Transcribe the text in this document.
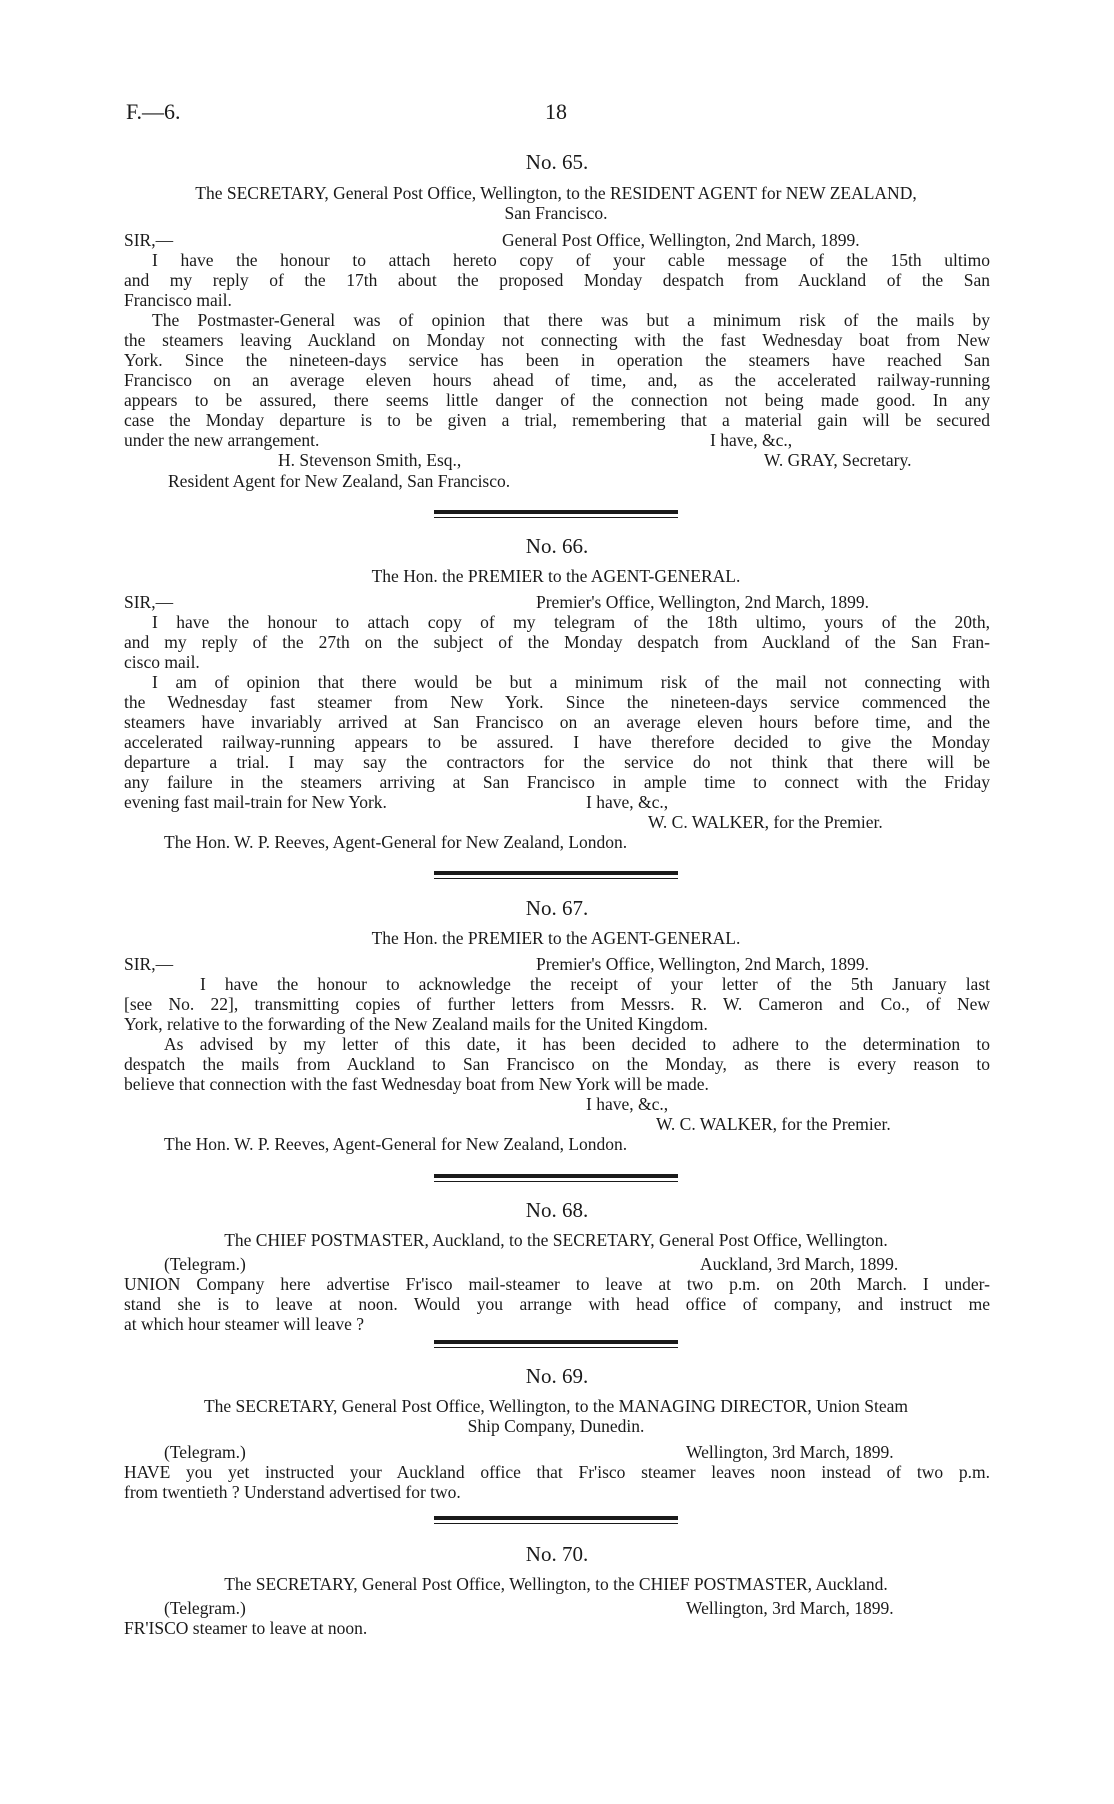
F.—6.	18
No. 65.
The SECRETARY, General Post Office, Wellington, to the RESIDENT AGENT for NEW ZEALAND,
San Francisco.
SIR,—	General Post Office, Wellington, 2nd March, 1899.
I have the honour to attach hereto copy of your cable message of the 15th ultimo
and my reply of the 17th about the proposed Monday despatch from Auckland of the San
Francisco mail.
The Postmaster-General was of opinion that there was but a minimum risk of the mails by
the steamers leaving Auckland on Monday not connecting with the fast Wednesday boat from New
York. Since the nineteen-days service has been in operation the steamers have reached San
Francisco on an average eleven hours ahead of time, and, as the accelerated railway-running
appears to be assured, there seems little danger of the connection not being made good. In any
case the Monday departure is to be given a trial, remembering that a material gain will be secured
under the new arrangement.	I have, &c.,
H. Stevenson Smith, Esq.,	W. GRAY, Secretary.
Resident Agent for New Zealand, San Francisco.
No. 66.
The Hon. the PREMIER to the AGENT-GENERAL.
SIR,—	Premier's Office, Wellington, 2nd March, 1899.
I have the honour to attach copy of my telegram of the 18th ultimo, yours of the 20th,
and my reply of the 27th on the subject of the Monday despatch from Auckland of the San Fran-
cisco mail.
I am of opinion that there would be but a minimum risk of the mail not connecting with
the Wednesday fast steamer from New York. Since the nineteen-days service commenced the
steamers have invariably arrived at San Francisco on an average eleven hours before time, and the
accelerated railway-running appears to be assured. I have therefore decided to give the Monday
departure a trial. I may say the contractors for the service do not think that there will be
any failure in the steamers arriving at San Francisco in ample time to connect with the Friday
evening fast mail-train for New York.	I have, &c.,
W. C. WALKER, for the Premier.
The Hon. W. P. Reeves, Agent-General for New Zealand, London.
No. 67.
The Hon. the PREMIER to the AGENT-GENERAL.
SIR,—	Premier's Office, Wellington, 2nd March, 1899.
I have the honour to acknowledge the receipt of your letter of the 5th January last
[see No. 22], transmitting copies of further letters from Messrs. R. W. Cameron and Co., of New
York, relative to the forwarding of the New Zealand mails for the United Kingdom.
As advised by my letter of this date, it has been decided to adhere to the determination to
despatch the mails from Auckland to San Francisco on the Monday, as there is every reason to
believe that connection with the fast Wednesday boat from New York will be made.
I have, &c.,
W. C. WALKER, for the Premier.
The Hon. W. P. Reeves, Agent-General for New Zealand, London.
No. 68.
The CHIEF POSTMASTER, Auckland, to the SECRETARY, General Post Office, Wellington.
(Telegram.)	Auckland, 3rd March, 1899.
UNION Company here advertise Fr'isco mail-steamer to leave at two p.m. on 20th March. I under-
stand she is to leave at noon. Would you arrange with head office of company, and instruct me
at which hour steamer will leave ?
No. 69.
The SECRETARY, General Post Office, Wellington, to the MANAGING DIRECTOR, Union Steam
Ship Company, Dunedin.
(Telegram.)	Wellington, 3rd March, 1899.
HAVE you yet instructed your Auckland office that Fr'isco steamer leaves noon instead of two p.m.
from twentieth ? Understand advertised for two.
No. 70.
The SECRETARY, General Post Office, Wellington, to the CHIEF POSTMASTER, Auckland.
(Telegram.)	Wellington, 3rd March, 1899.
FR'ISCO steamer to leave at noon.
